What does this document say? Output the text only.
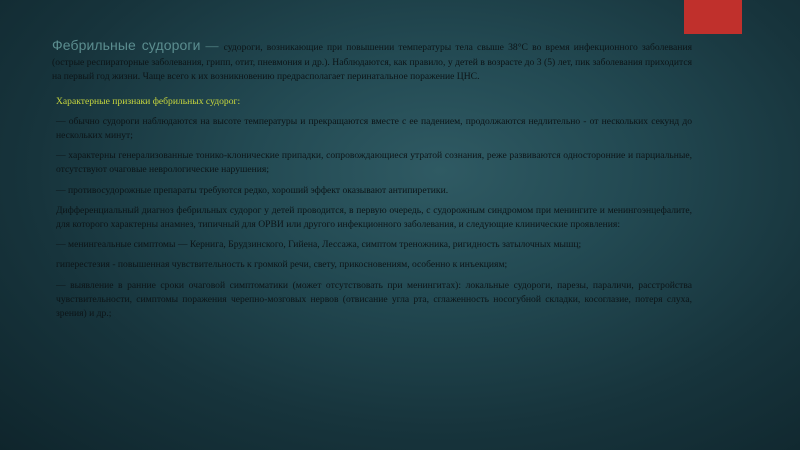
Фебрильные судороги — судороги, возникающие при повышении температуры тела свыше 38°С во время инфекционного заболевания (острые респираторные заболевания, грипп, отит, пневмония и др.). Наблюдаются, как правило, у детей в возрасте до 3 (5) лет, пик заболевания приходится на первый год жизни. Чаще всего к их возникновению предрасполагает перинатальное поражение ЦНС.

Характерные признаки фебрильных судорог:

— обычно судороги наблюдаются на высоте температуры и прекращаются вместе с ее падением, продолжаются недлительно - от нескольких секунд до нескольких минут;

— характерны генерализованные тонико-клонические припадки, сопровождающиеся утратой сознания, реже развиваются односторонние и парциальные, отсутствуют очаговые неврологические нарушения;

— противосудорожные препараты требуются редко, хороший эффект оказывают антипиретики.

Дифференциальный диагноз фебрильных судорог у детей проводится, в первую очередь, с судорожным синдромом при менингите и менингоэнцефалите, для которого характерны анамнез, типичный для ОРВИ или другого инфекционного заболевания, и следующие клинические проявления:

— менингеальные симптомы — Кернига, Брудзинского, Гийена, Лессажа, симптом треножника, ригидность затылочных мышц;

гиперестезия - повышенная чувствительность к громкой речи, свету, прикосновениям, особенно к инъекциям;

— выявление в ранние сроки очаговой симптоматики (может отсутствовать при менингитах): локальные судороги, парезы, параличи, расстройства чувствительности, симптомы поражения черепно-мозговых нервов (отвисание угла рта, сглаженность носогубной складки, косоглазие, потеря слуха, зрения) и др.;
